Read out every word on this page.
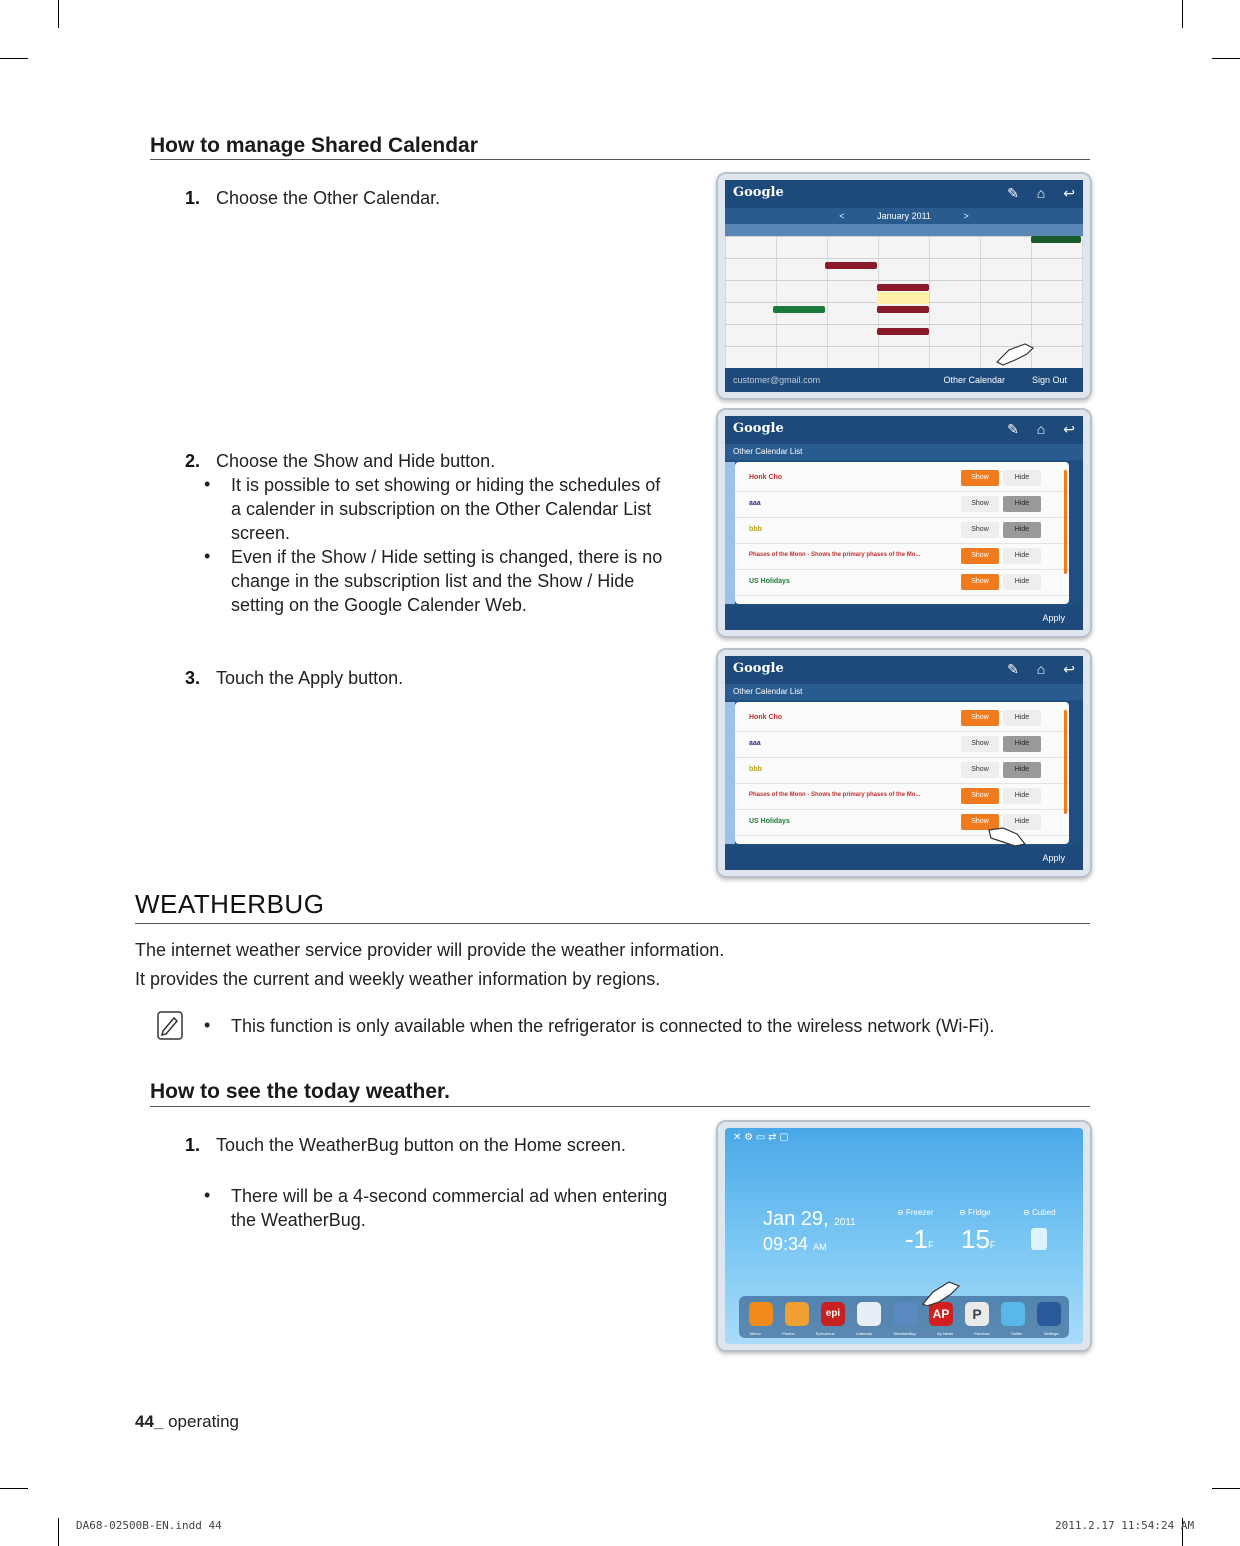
How to manage Shared Calendar
1. Choose the Other Calendar.
2. Choose the Show and Hide button.
• It is possible to set showing or hiding the schedules of
a calender in subscription on the Other Calendar List
screen.
• Even if the Show / Hide setting is changed, there is no
change in the subscription list and the Show / Hide
setting on the Google Calender Web.
3. Touch the Apply button.
Google	✎ ⌂ ↩
<	January 2011	>
customer@gmail.com	Other Calendar	Sign Out
Google	✎ ⌂ ↩
Other Calendar List
Honk Cho	Show	Hide
aaa	Show	Hide
bbb	Show	Hide
Phases of the Moon - Shows the primary phases of the Mo...	Show	Hide
US Holidays	Show	Hide
Apply
Google	✎ ⌂ ↩
Other Calendar List
Honk Cho	Show	Hide
aaa	Show	Hide
bbb	Show	Hide
Phases of the Moon - Shows the primary phases of the Mo...	Show	Hide
US Holidays	Show	Hide
Apply
WEATHERBUG
The internet weather service provider will provide the weather information.
It provides the current and weekly weather information by regions.
• This function is only available when the refrigerator is connected to the wireless network (Wi-Fi).
How to see the today weather.
1. Touch the WeatherBug button on the Home screen.
• There will be a 4-second commercial ad when entering
the WeatherBug.
✕ ⚙ ▭ ⇄ ▢
Jan 29, 2011
09:34 AM
⊖ Freezer	⊖ Fridge	⊖ Cubed
-1F 15F
epi	AP	P
Memo	Photos	Epicurious	Calendar	WeatherBug	Ap News	Pandora	Twitter	Settings
44_ operating
DA68-02500B-EN.indd 44	2011.2.17 11:54:24 AM
